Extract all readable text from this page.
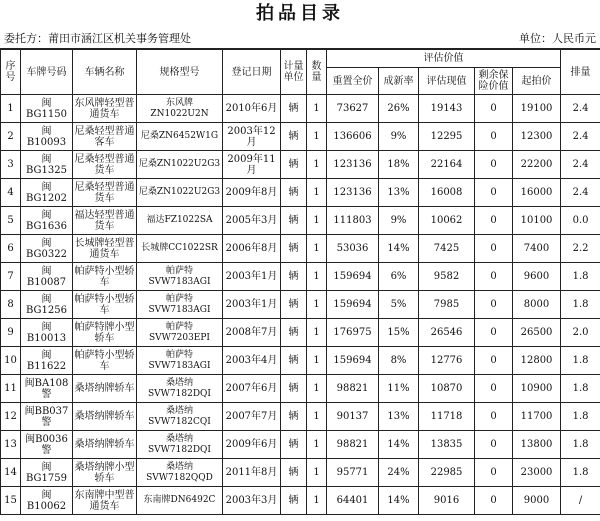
拍品目录
委托方：莆田市涵江区机关事务管理处	单位：人民币元
序号	车牌号码	车辆名称	规格型号	登记日期	计量单位	数量	评估价值					排量
							重置全价	成新率	评估现值	剩余保险价值	起拍价	
1	闽BG1150	东风牌轻型普通货车	东风牌ZN1022U2N	2010年6月	辆	1	73627	26%	19143	0	19100	2.4
2	闽B10093	尼桑轻型普通客车	尼桑ZN6452W1G	2003年12月	辆	1	136606	9%	12295	0	12300	2.4
3	闽BG1325	尼桑轻型普通货车	尼桑ZN1022U2G3	2009年11月	辆	1	123136	18%	22164	0	22200	2.4
4	闽BG1202	尼桑轻型普通货车	尼桑ZN1022U2G3	2009年8月	辆	1	123136	13%	16008	0	16000	2.4
5	闽BG1636	福达轻型普通货车	福达FZ1022SA	2005年3月	辆	1	111803	9%	10062	0	10100	0.0
6	闽BG0322	长城牌轻型普通货车	长城牌CC1022SR	2006年8月	辆	1	53036	14%	7425	0	7400	2.2
7	闽B10087	帕萨特小型轿车	帕萨特SVW7183AGI	2003年1月	辆	1	159694	6%	9582	0	9600	1.8
8	闽BG1256	帕萨特小型轿车	帕萨特SVW7183AGI	2003年1月	辆	1	159694	5%	7985	0	8000	1.8
9	闽B10013	帕萨特牌小型轿车	帕萨特SVW7203EPI	2008年7月	辆	1	176975	15%	26546	0	26500	2.0
10	闽B11622	帕萨特小型轿车	帕萨特SVW7183AGI	2003年4月	辆	1	159694	8%	12776	0	12800	1.8
11	闽BA108警	桑塔纳牌轿车	桑塔纳SVW7182DQI	2007年6月	辆	1	98821	11%	10870	0	10900	1.8
12	闽BB037警	桑塔纳牌轿车	桑塔纳SVW7182CQI	2007年7月	辆	1	90137	13%	11718	0	11700	1.8
13	闽B0036警	桑塔纳牌轿车	桑塔纳SVW7182DQI	2009年6月	辆	1	98821	14%	13835	0	13800	1.8
14	闽BG1759	桑塔纳牌小型轿车	桑塔纳SVW7182QQD	2011年8月	辆	1	95771	24%	22985	0	23000	1.8
15	闽B10062	东南牌中型普通货车	东南牌DN6492C	2003年3月	辆	1	64401	14%	9016	0	9000	/
